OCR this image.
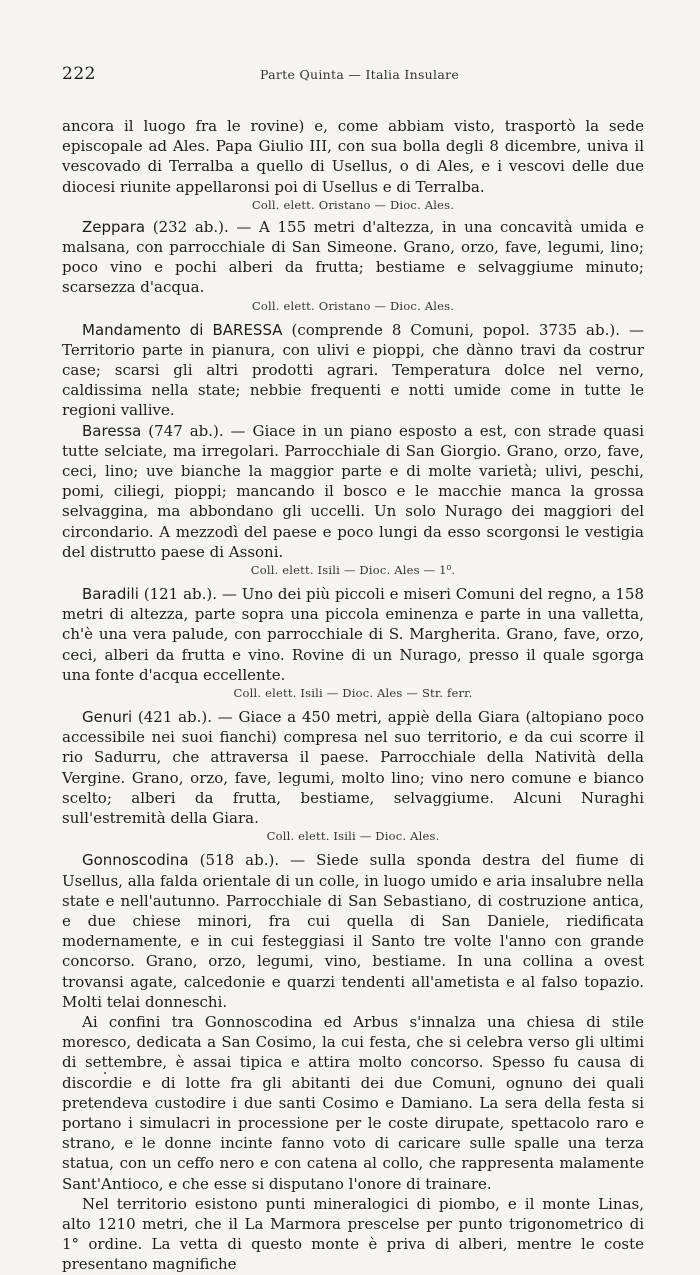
222	Parte Quinta — Italia Insulare

ancora il luogo fra le rovine) e, come abbiam visto, trasportò la sede episcopale ad Ales. Papa Giulio III, con sua bolla degli 8 dicembre, univa il vescovado di Terralba a quello di Usellus, o di Ales, e i vescovi delle due diocesi riunite appellaronsi poi di Usellus e di Terralba.

Coll. elett. Oristano — Dioc. Ales.

Zeppara (232 ab.). — A 155 metri d'altezza, in una concavità umida e malsana, con parrocchiale di San Simeone. Grano, orzo, fave, legumi, lino; poco vino e pochi alberi da frutta; bestiame e selvaggiume minuto; scarsezza d'acqua.

Coll. elett. Oristano — Dioc. Ales.

Mandamento di BARESSA (comprende 8 Comuni, popol. 3735 ab.). — Territorio parte in pianura, con ulivi e pioppi, che dànno travi da costrur case; scarsi gli altri prodotti agrari. Temperatura dolce nel verno, caldissima nella state; nebbie frequenti e notti umide come in tutte le regioni vallive.

Baressa (747 ab.). — Giace in un piano esposto a est, con strade quasi tutte selciate, ma irregolari. Parrocchiale di San Giorgio. Grano, orzo, fave, ceci, lino; uve bianche la maggior parte e di molte varietà; ulivi, peschi, pomi, ciliegi, pioppi; mancando il bosco e le macchie manca la grossa selvaggina, ma abbondano gli uccelli. Un solo Nurago dei maggiori del circondario. A mezzodì del paese e poco lungi da esso scorgonsi le vestigia del distrutto paese di Assoni.

Coll. elett. Isili — Dioc. Ales — 1⁰.

Baradili (121 ab.). — Uno dei più piccoli e miseri Comuni del regno, a 158 metri di altezza, parte sopra una piccola eminenza e parte in una valletta, ch'è una vera palude, con parrocchiale di S. Margherita. Grano, fave, orzo, ceci, alberi da frutta e vino. Rovine di un Nurago, presso il quale sgorga una fonte d'acqua eccellente.

Coll. elett. Isili — Dioc. Ales — Str. ferr.

Genuri (421 ab.). — Giace a 450 metri, appiè della Giara (altopiano poco accessibile nei suoi fianchi) compresa nel suo territorio, e da cui scorre il rio Sadurru, che attraversa il paese. Parrocchiale della Natività della Vergine. Grano, orzo, fave, legumi, molto lino; vino nero comune e bianco scelto; alberi da frutta, bestiame, selvaggiume. Alcuni Nuraghi sull'estremità della Giara.

Coll. elett. Isili — Dioc. Ales.

Gonnoscodina (518 ab.). — Siede sulla sponda destra del fiume di Usellus, alla falda orientale di un colle, in luogo umido e aria insalubre nella state e nell'autunno. Parrocchiale di San Sebastiano, di costruzione antica, e due chiese minori, fra cui quella di San Daniele, riedificata modernamente, e in cui festeggiasi il Santo tre volte l'anno con grande concorso. Grano, orzo, legumi, vino, bestiame. In una collina a ovest trovansi agate, calcedonie e quarzi tendenti all'ametista e al falso topazio. Molti telai donneschi.

Ai confini tra Gonnoscodina ed Arbus s'innalza una chiesa di stile moresco, dedicata a San Cosimo, la cui festa, che si celebra verso gli ultimi di settembre, è assai tipica e attira molto concorso. Spesso fu causa di discordie e di lotte fra gli abitanti dei due Comuni, ognuno dei quali pretendeva custodire i due santi Cosimo e Damiano. La sera della festa si portano i simulacri in processione per le coste dirupate, spettacolo raro e strano, e le donne incinte fanno voto di caricare sulle spalle una terza statua, con un ceffo nero e con catena al collo, che rappresenta malamente Sant'Antioco, e che esse si disputano l'onore di trainare.

Nel territorio esistono punti mineralogici di piombo, e il monte Linas, alto 1210 metri, che il La Marmora prescelse per punto trigonometrico di 1° ordine. La vetta di questo monte è priva di alberi, mentre le coste presentano magnifiche
